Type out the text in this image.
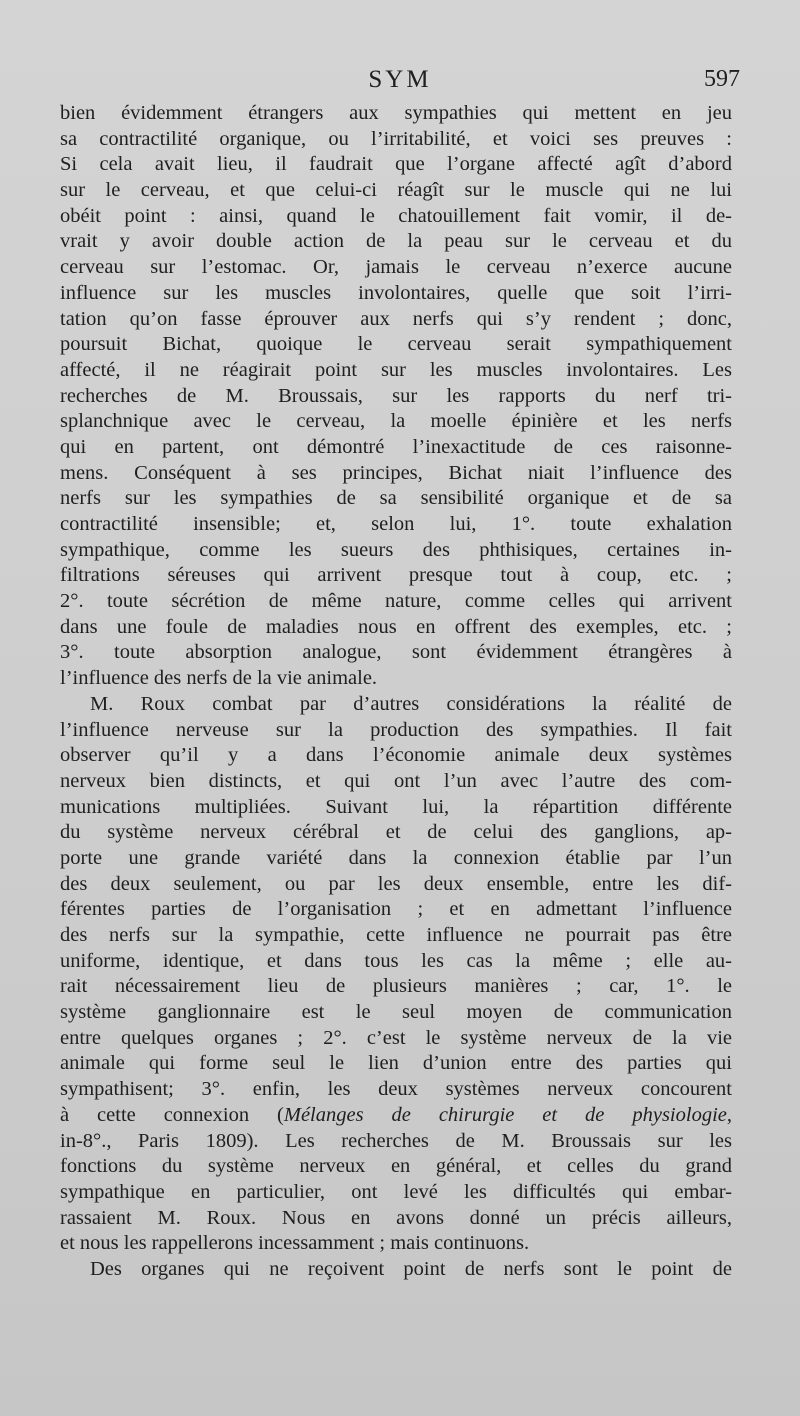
SYM	597
bien évidemment étrangers aux sympathies qui mettent en jeu
sa contractilité organique, ou l’irritabilité, et voici ses preuves :
Si cela avait lieu, il faudrait que l’organe affecté agît d’abord
sur le cerveau, et que celui-ci réagît sur le muscle qui ne lui
obéit point : ainsi, quand le chatouillement fait vomir, il de-
vrait y avoir double action de la peau sur le cerveau et du
cerveau sur l’estomac. Or, jamais le cerveau n’exerce aucune
influence sur les muscles involontaires, quelle que soit l’irri-
tation qu’on fasse éprouver aux nerfs qui s’y rendent ; donc,
poursuit Bichat, quoique le cerveau serait sympathiquement
affecté, il ne réagirait point sur les muscles involontaires. Les
recherches de M. Broussais, sur les rapports du nerf tri-
splanchnique avec le cerveau, la moelle épinière et les nerfs
qui en partent, ont démontré l’inexactitude de ces raisonne-
mens. Conséquent à ses principes, Bichat niait l’influence des
nerfs sur les sympathies de sa sensibilité organique et de sa
contractilité insensible; et, selon lui, 1°. toute exhalation
sympathique, comme les sueurs des phthisiques, certaines in-
filtrations séreuses qui arrivent presque tout à coup, etc. ;
2°. toute sécrétion de même nature, comme celles qui arrivent
dans une foule de maladies nous en offrent des exemples, etc. ;
3°. toute absorption analogue, sont évidemment étrangères à
l’influence des nerfs de la vie animale.
M. Roux combat par d’autres considérations la réalité de
l’influence nerveuse sur la production des sympathies. Il fait
observer qu’il y a dans l’économie animale deux systèmes
nerveux bien distincts, et qui ont l’un avec l’autre des com-
munications multipliées. Suivant lui, la répartition différente
du système nerveux cérébral et de celui des ganglions, ap-
porte une grande variété dans la connexion établie par l’un
des deux seulement, ou par les deux ensemble, entre les dif-
férentes parties de l’organisation ; et en admettant l’influence
des nerfs sur la sympathie, cette influence ne pourrait pas être
uniforme, identique, et dans tous les cas la même ; elle au-
rait nécessairement lieu de plusieurs manières ; car, 1°. le
système ganglionnaire est le seul moyen de communication
entre quelques organes ; 2°. c’est le système nerveux de la vie
animale qui forme seul le lien d’union entre des parties qui
sympathisent; 3°. enfin, les deux systèmes nerveux concourent
à cette connexion (Mélanges de chirurgie et de physiologie,
in-8°., Paris 1809). Les recherches de M. Broussais sur les
fonctions du système nerveux en général, et celles du grand
sympathique en particulier, ont levé les difficultés qui embar-
rassaient M. Roux. Nous en avons donné un précis ailleurs,
et nous les rappellerons incessamment ; mais continuons.
Des organes qui ne reçoivent point de nerfs sont le point de
